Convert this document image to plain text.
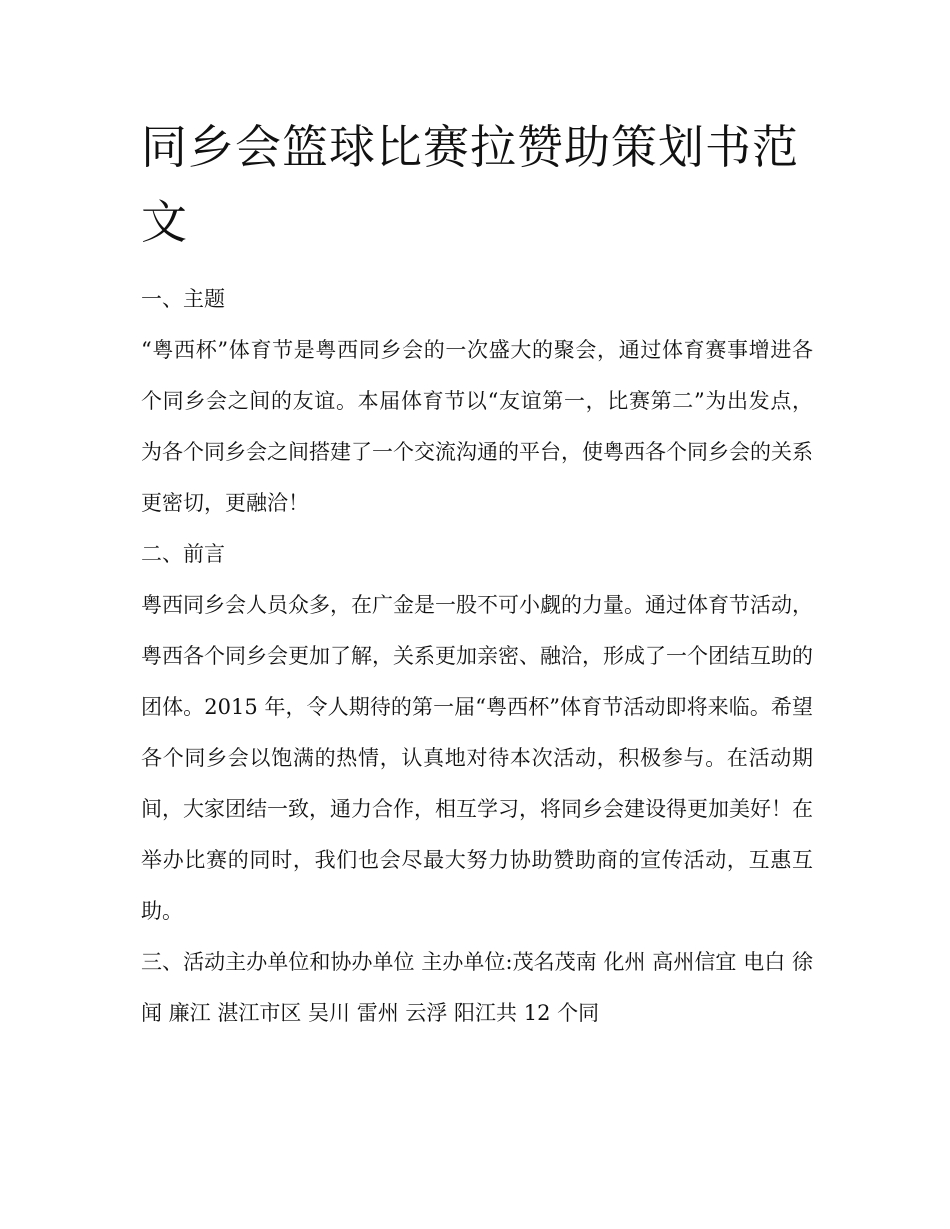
同乡会篮球比赛拉赞助策划书范文

一、主题

“粤西杯”体育节是粤西同乡会的一次盛大的聚会，通过体育赛事增进各个同乡会之间的友谊。本届体育节以“友谊第一，比赛第二”为出发点，为各个同乡会之间搭建了一个交流沟通的平台，使粤西各个同乡会的关系更密切，更融洽！

二、前言

粤西同乡会人员众多，在广金是一股不可小觑的力量。通过体育节活动，粤西各个同乡会更加了解，关系更加亲密、融洽，形成了一个团结互助的团体。2015 年，令人期待的第一届“粤西杯”体育节活动即将来临。希望各个同乡会以饱满的热情，认真地对待本次活动，积极参与。在活动期间，大家团结一致，通力合作，相互学习，将同乡会建设得更加美好！在举办比赛的同时，我们也会尽最大努力协助赞助商的宣传活动，互惠互助。

三、活动主办单位和协办单位 主办单位:茂名茂南 化州 高州信宜 电白 徐闻 廉江 湛江市区 吴川 雷州 云浮 阳江共 12 个同
